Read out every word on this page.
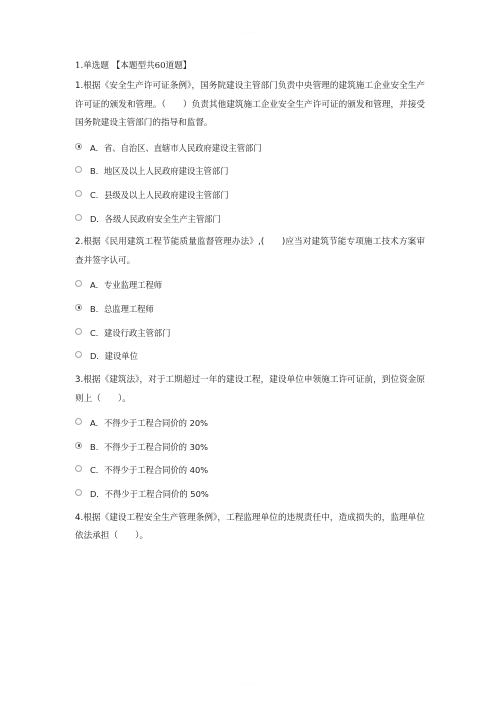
· · ·
1.单选题 【本题型共60道题】
1.根据《安全生产许可证条例》，国务院建设主管部门负责中央管理的建筑施工企业安全生产许可证的颁发和管理。（　　）负责其他建筑施工企业安全生产许可证的颁发和管理，并接受国务院建设主管部门的指导和监督。
A．省、自治区、直辖市人民政府建设主管部门
B．地区及以上人民政府建设主管部门
C．县级及以上人民政府建设主管部门
D．各级人民政府安全生产主管部门
2.根据《民用建筑工程节能质量监督管理办法》,(　　)应当对建筑节能专项施工技术方案审查并签字认可。
A．专业监理工程师
B．总监理工程师
C．建设行政主管部门
D．建设单位
3.根据《建筑法》，对于工期超过一年的建设工程，建设单位申领施工许可证前，到位资金原则上（　　）。
A．不得少于工程合同价的 20%
B．不得少于工程合同价的 30%
C．不得少于工程合同价的 40%
D．不得少于工程合同价的 50%
4.根据《建设工程安全生产管理条例》，工程监理单位的违规责任中，造成损失的，监理单位依法承担（　　）。
· · · ·
